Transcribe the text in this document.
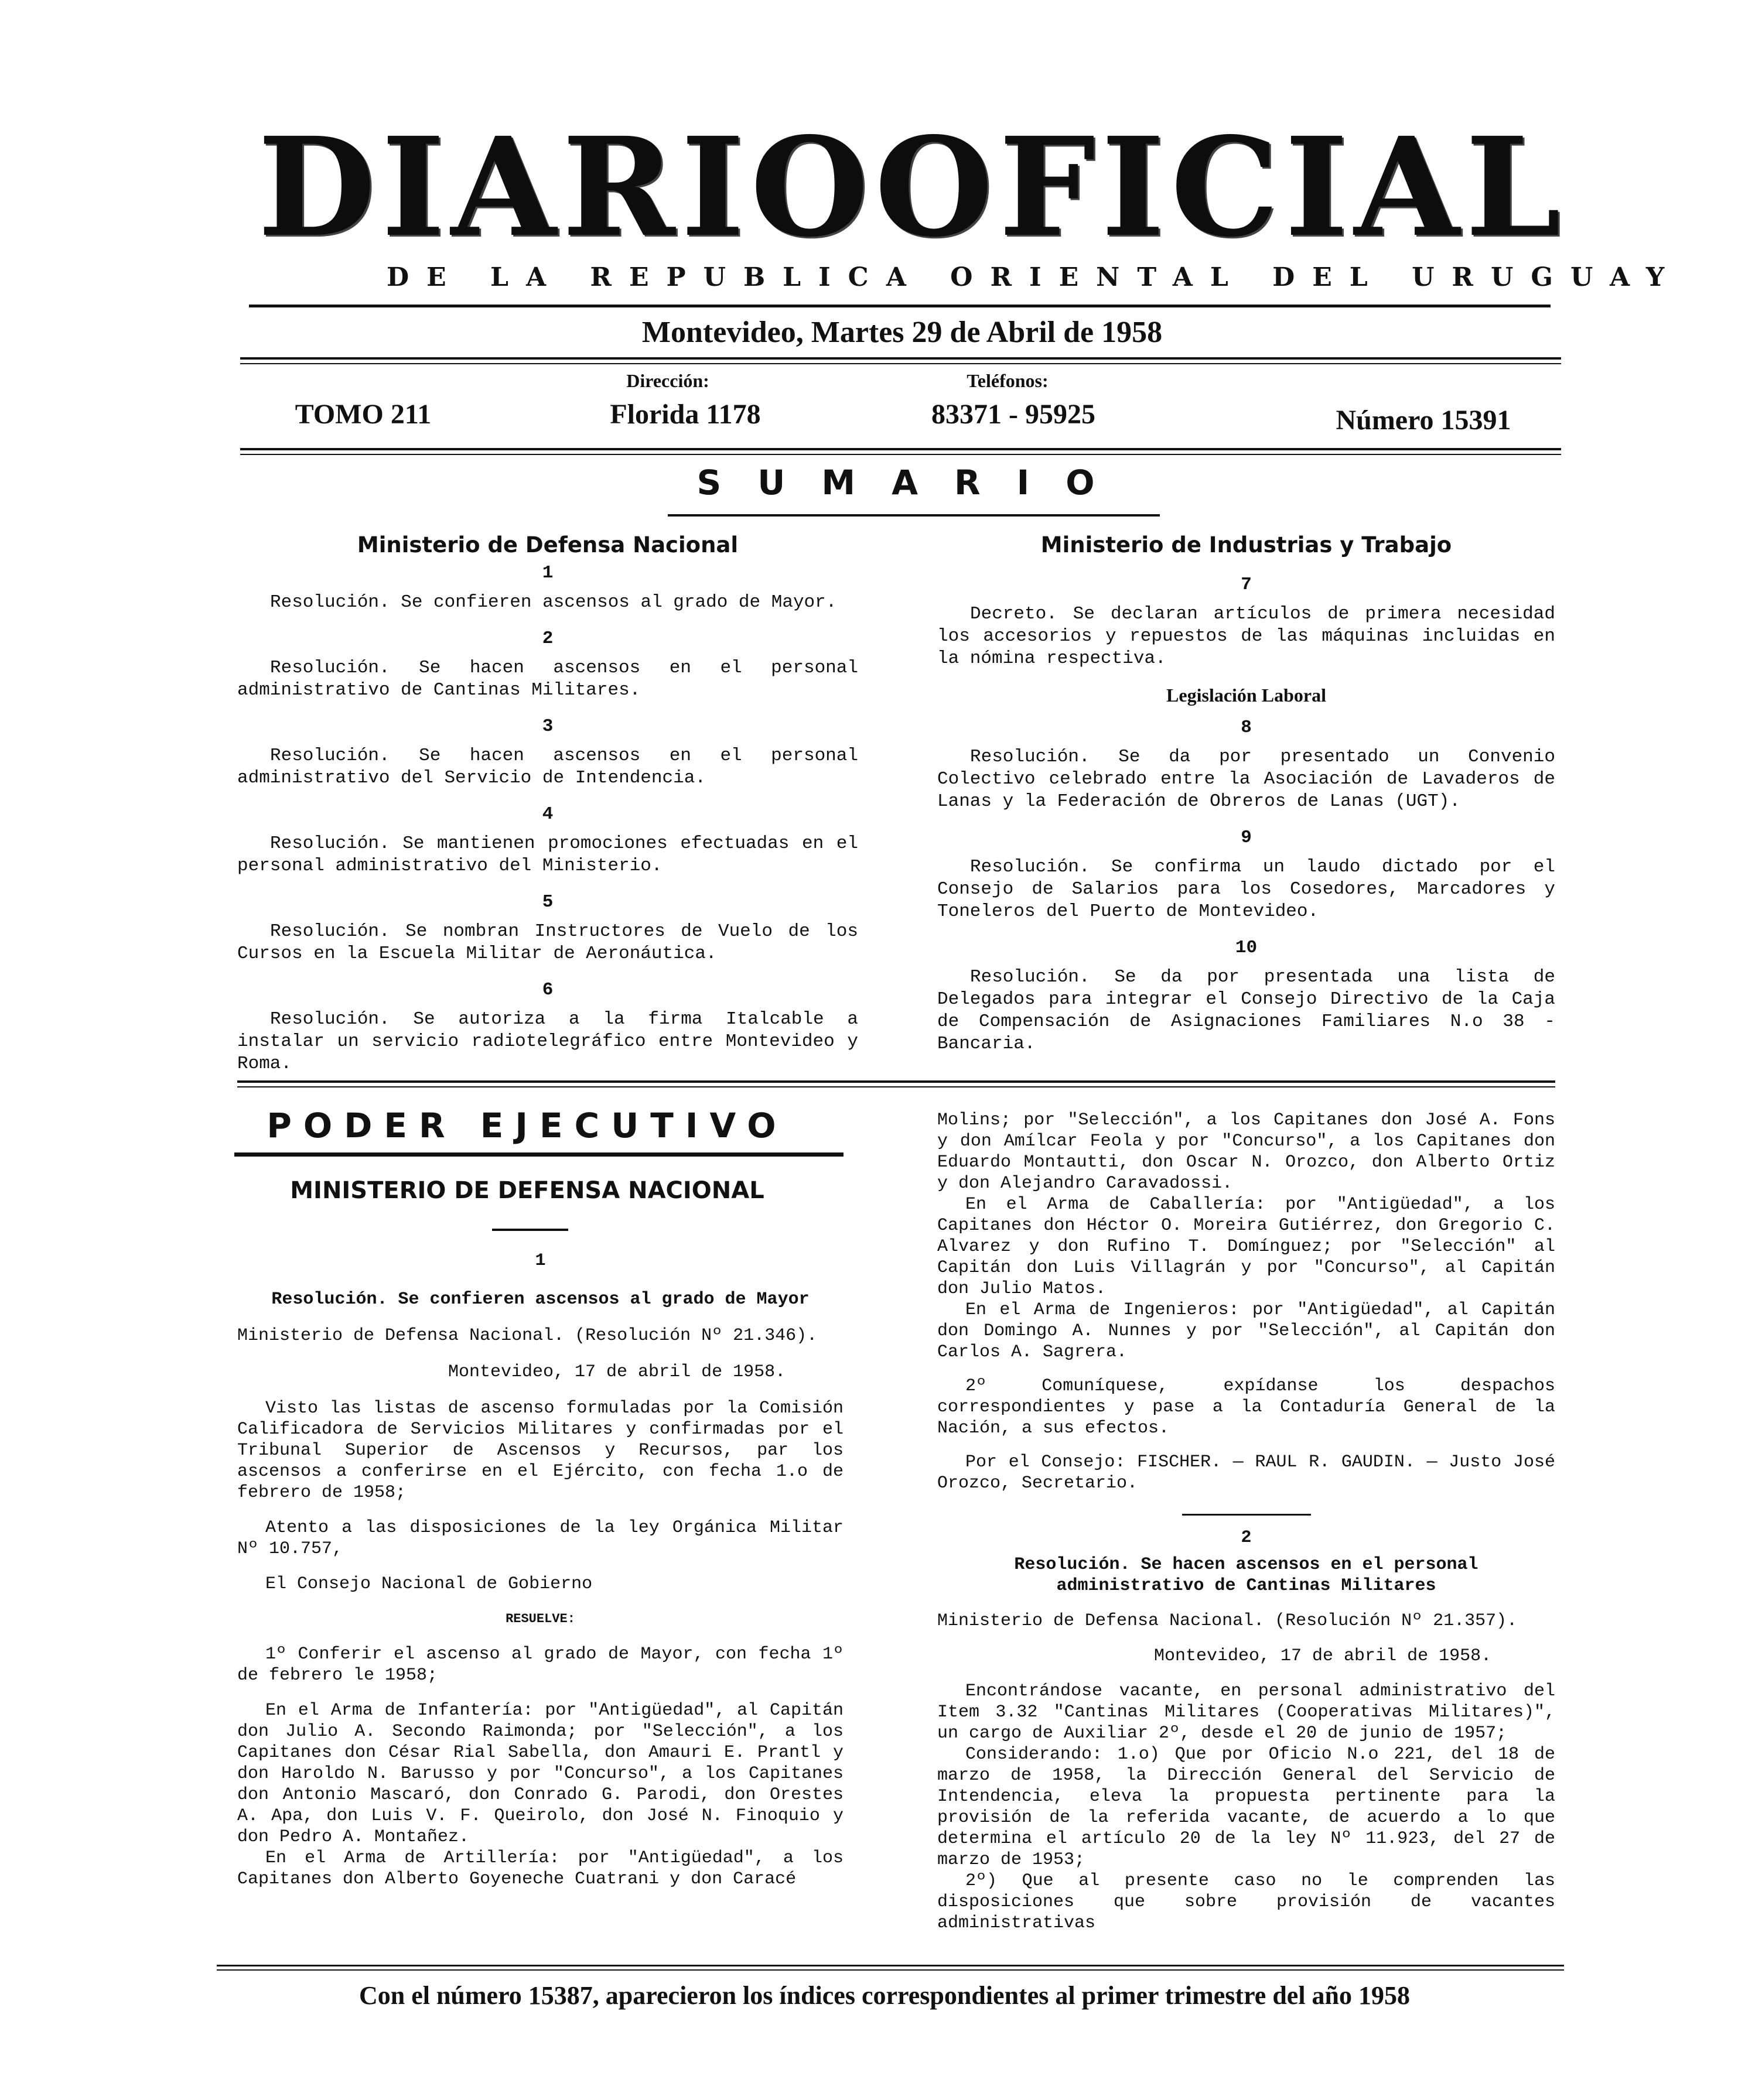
DIARIO OFICIAL
DE LA REPUBLICA ORIENTAL DEL URUGUAY
Montevideo, Martes 29 de Abril de 1958
Dirección:	Teléfonos:
TOMO 211	Florida 1178	83371 - 95925	Número 15391
SUMARIO
Ministerio de Defensa Nacional
1
Resolución. Se confieren ascensos al grado de Mayor.
2
Resolución. Se hacen ascensos en el personal administrativo de Cantinas Militares.
3
Resolución. Se hacen ascensos en el personal administrativo del Servicio de Intendencia.
4
Resolución. Se mantienen promociones efectuadas en el personal administrativo del Ministerio.
5
Resolución. Se nombran Instructores de Vuelo de los Cursos en la Escuela Militar de Aeronáutica.
6
Resolución. Se autoriza a la firma Italcable a instalar un servicio radiotelegráfico entre Montevideo y Roma.
Ministerio de Industrias y Trabajo
7
Decreto. Se declaran artículos de primera necesidad los accesorios y repuestos de las máquinas incluidas en la nómina respectiva.
Legislación Laboral
8
Resolución. Se da por presentado un Convenio Colectivo celebrado entre la Asociación de Lavaderos de Lanas y la Federación de Obreros de Lanas (UGT).
9
Resolución. Se confirma un laudo dictado por el Consejo de Salarios para los Cosedores, Marcadores y Toneleros del Puerto de Montevideo.
10
Resolución. Se da por presentada una lista de Delegados para integrar el Consejo Directivo de la Caja de Compensación de Asignaciones Familiares N.o 38 - Bancaria.
PODER EJECUTIVO
MINISTERIO DE DEFENSA NACIONAL

1

Resolución. Se confieren ascensos al grado de Mayor

Ministerio de Defensa Nacional. (Resolución Nº 21.346).

Montevideo, 17 de abril de 1958.

Visto las listas de ascenso formuladas por la Comisión Calificadora de Servicios Militares y confirmadas por el Tribunal Superior de Ascensos y Recursos, par los ascensos a conferirse en el Ejército, con fecha 1.o de febrero de 1958;

Atento a las disposiciones de la ley Orgánica Militar Nº 10.757,

El Consejo Nacional de Gobierno

RESUELVE:

1º Conferir el ascenso al grado de Mayor, con fecha 1º de febrero le 1958;

En el Arma de Infantería: por "Antigüedad", al Capitán don Julio A. Secondo Raimonda; por "Selección", a los Capitanes don César Rial Sabella, don Amauri E. Prantl y don Haroldo N. Barusso y por "Concurso", a los Capitanes don Antonio Mascaró, don Conrado G. Parodi, don Orestes A. Apa, don Luis V. F. Queirolo, don José N. Finoquio y don Pedro A. Montañez.

En el Arma de Artillería: por "Antigüedad", a los Capitanes don Alberto Goyeneche Cuatrani y don Caracé

Molins; por "Selección", a los Capitanes don José A. Fons y don Amílcar Feola y por "Concurso", a los Capitanes don Eduardo Montautti, don Oscar N. Orozco, don Alberto Ortiz y don Alejandro Caravadossi.

En el Arma de Caballería: por "Antigüedad", a los Capitanes don Héctor O. Moreira Gutiérrez, don Gregorio C. Alvarez y don Rufino T. Domínguez; por "Selección" al Capitán don Luis Villagrán y por "Concurso", al Capitán don Julio Matos.

En el Arma de Ingenieros: por "Antigüedad", al Capitán don Domingo A. Nunnes y por "Selección", al Capitán don Carlos A. Sagrera.

2º Comuníquese, expídanse los despachos correspondientes y pase a la Contaduría General de la Nación, a sus efectos.

Por el Consejo: FISCHER. — RAUL R. GAUDIN. — Justo José Orozco, Secretario.

2

Resolución. Se hacen ascensos en el personal administrativo de Cantinas Militares

Ministerio de Defensa Nacional. (Resolución Nº 21.357).

Montevideo, 17 de abril de 1958.

Encontrándose vacante, en personal administrativo del Item 3.32 "Cantinas Militares (Cooperativas Militares)", un cargo de Auxiliar 2º, desde el 20 de junio de 1957;

Considerando: 1.o) Que por Oficio N.o 221, del 18 de marzo de 1958, la Dirección General del Servicio de Intendencia, eleva la propuesta pertinente para la provisión de la referida vacante, de acuerdo a lo que determina el artículo 20 de la ley Nº 11.923, del 27 de marzo de 1953;

2º) Que al presente caso no le comprenden las disposiciones que sobre provisión de vacantes administrativas

Con el número 15387, aparecieron los índices correspondientes al primer trimestre del año 1958
